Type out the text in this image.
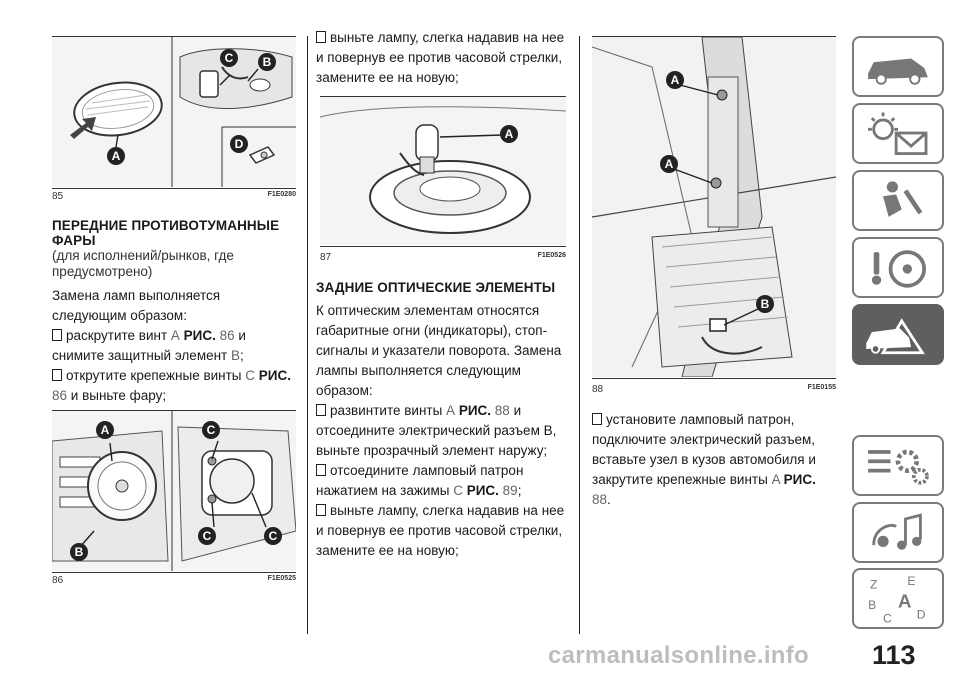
C	B
D
A
85	F1E0280
ПЕРЕДНИЕ ПРОТИВОТУМАННЫЕ ФАРЫ
(для исполнений/рынков, где предусмотрено)

Замена ламп выполняется следующим образом:

раскрутите винт A РИС. 86 и снимите защитный элемент B;

открутите крепежные винты C РИС. 86 и выньте фару;

A	C
B
C	C
86	F1E0525

выньте лампу, слегка надавив на нее и повернув ее против часовой стрелки, замените ее на новую;

A
87	F1E0526
ЗАДНИЕ ОПТИЧЕСКИЕ ЭЛЕМЕНТЫ

К оптическим элементам относятся габаритные огни (индикаторы), стоп-сигналы и указатели поворота. Замена лампы выполняется следующим образом:

развинтите винты A РИС. 88 и отсоедините электрический разъем B, выньте прозрачный элемент наружу;

отсоедините ламповый патрон нажатием на зажимы C РИС. 89;

выньте лампу, слегка надавив на нее и повернув ее против часовой стрелки, замените ее на новую;

A
A
B
88	F1E0155

установите ламповый патрон, подключите электрический разъем, вставьте узел в кузов автомобиля и закрутите крепежные винты A РИС. 88.

Z E
B A
C D
carmanualsonline.info 113
